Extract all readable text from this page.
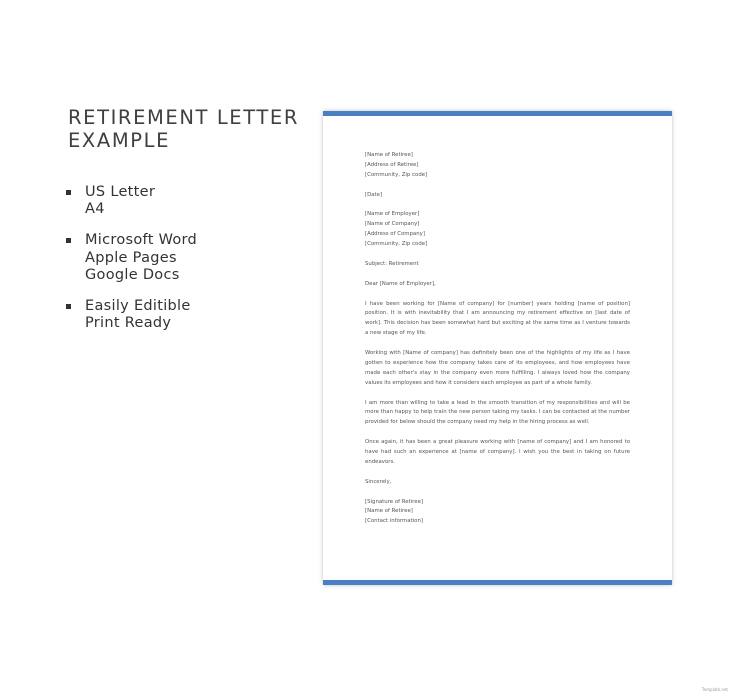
RETIREMENT LETTER
EXAMPLE
US Letter
A4
Microsoft Word
Apple Pages
Google Docs
Easily Editible
Print Ready

[Name of Retiree]
[Address of Retiree]
[Community, Zip code]

[Date]

[Name of Employer]
[Name of Company]
[Address of Company]
[Community, Zip code]

Subject: Retirement

Dear [Name of Employer],

I have been working for [Name of company] for [number] years holding [name of position] position. It is with inevitability that I am announcing my retirement effective on [last date of work]. This decision has been somewhat hard but exciting at the same time as I venture towards a new stage of my life.

Working with [Name of company] has definitely been one of the highlights of my life as I have gotten to experience how the company takes care of its employees, and how employees have made each other's stay in the company even more fulfilling. I always loved how the company values its employees and how it considers each employee as part of a whole family.

I am more than willing to take a lead in the smooth transition of my responsibilities and will be more than happy to help train the new person taking my tasks. I can be contacted at the number provided for below should the company need my help in the hiring process as well.

Once again, it has been a great pleasure working with [name of company] and I am honored to have had such an experience at [name of company]. I wish you the best in taking on future endeavors.

Sincerely,

[Signature of Retiree]
[Name of Retiree]
[Contact information]

Template.net
